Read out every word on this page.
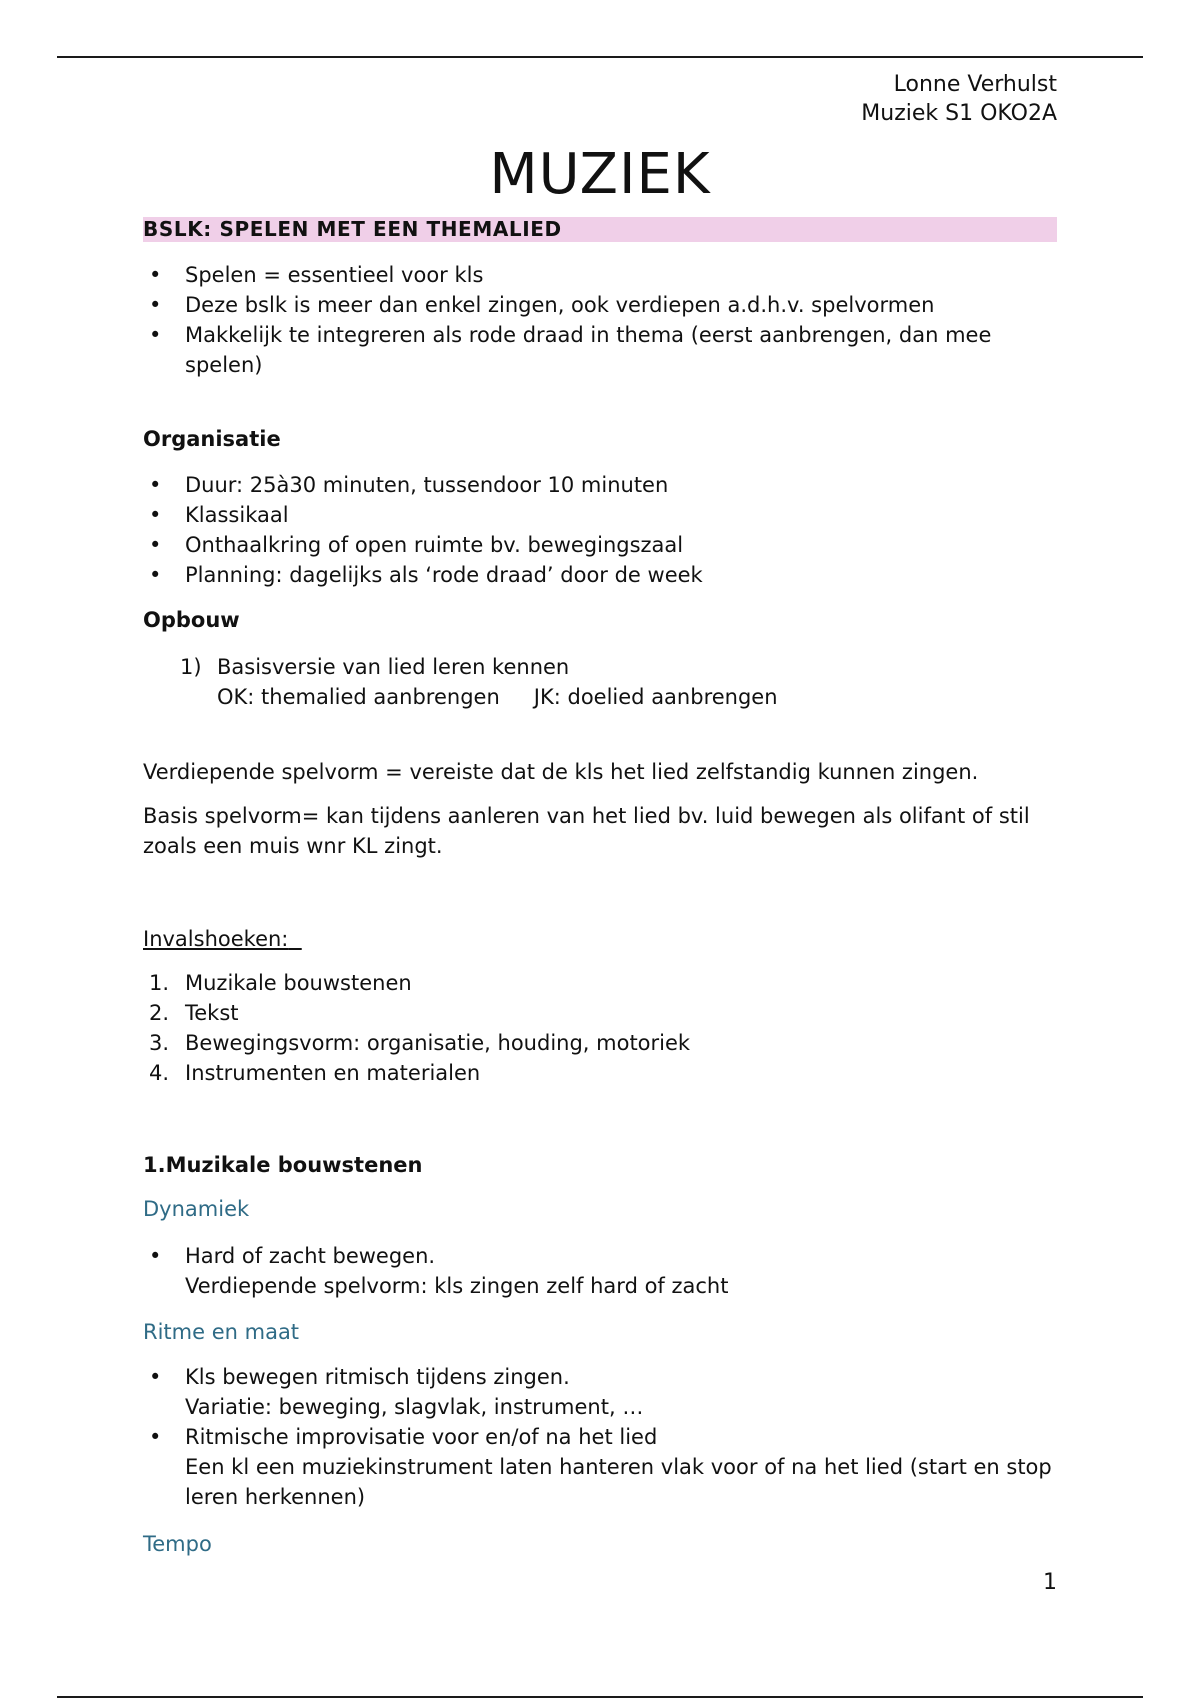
Lonne Verhulst
Muziek S1 OKO2A
MUZIEK
BSLK: SPELEN MET EEN THEMALIED
• Spelen = essentieel voor kls
• Deze bslk is meer dan enkel zingen, ook verdiepen a.d.h.v. spelvormen
• Makkelijk te integreren als rode draad in thema (eerst aanbrengen, dan mee spelen)
Organisatie
• Duur: 25à30 minuten, tussendoor 10 minuten
• Klassikaal
• Onthaalkring of open ruimte bv. bewegingszaal
• Planning: dagelijks als ‘rode draad’ door de week
Opbouw
1) Basisversie van lied leren kennen
OK: themalied aanbrengen JK: doelied aanbrengen
Verdiepende spelvorm = vereiste dat de kls het lied zelfstandig kunnen zingen.
Basis spelvorm= kan tijdens aanleren van het lied bv. luid bewegen als olifant of stil zoals een muis wnr KL zingt.
Invalshoeken:
1. Muzikale bouwstenen
2. Tekst
3. Bewegingsvorm: organisatie, houding, motoriek
4. Instrumenten en materialen
1.Muzikale bouwstenen
Dynamiek
• Hard of zacht bewegen.
Verdiepende spelvorm: kls zingen zelf hard of zacht
Ritme en maat
• Kls bewegen ritmisch tijdens zingen.
Variatie: beweging, slagvlak, instrument, …
• Ritmische improvisatie voor en/of na het lied
Een kl een muziekinstrument laten hanteren vlak voor of na het lied (start en stop leren herkennen)
Tempo
1
